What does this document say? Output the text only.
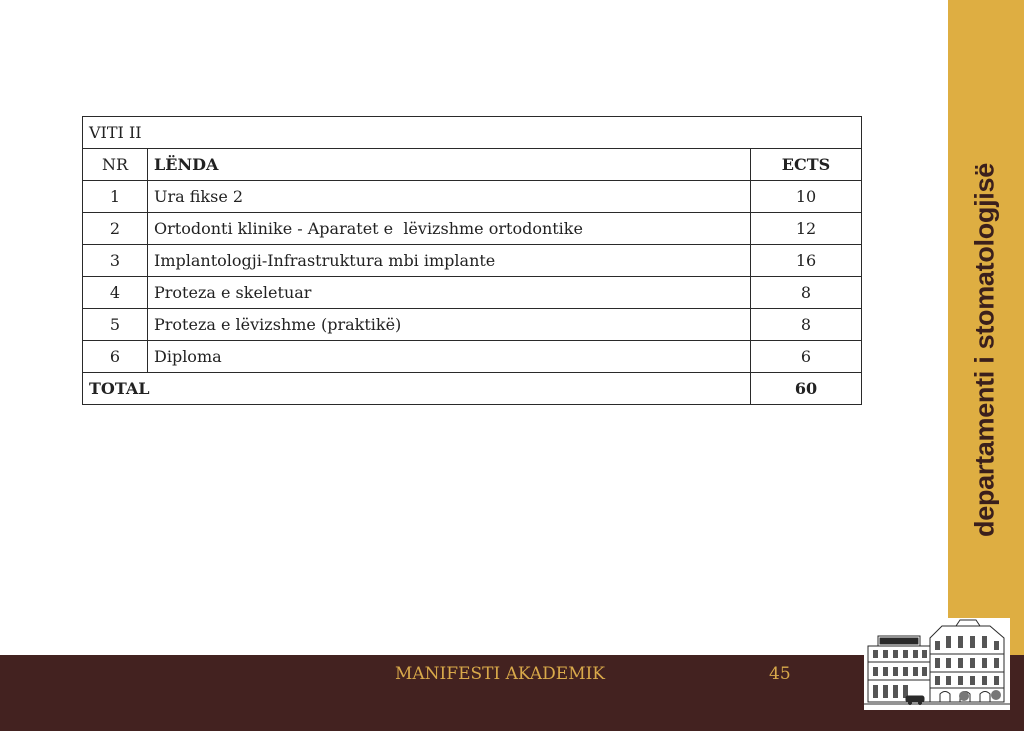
departamenti i stomatologjisë
VITI II		
NR	LËNDA	ECTS
1	Ura fikse 2	10
2	Ortodonti klinike - Aparatet e  lëvizshme ortodontike	12
3	Implantologji-Infrastruktura mbi implante	16
4	Proteza e skeletuar	8
5	Proteza e lëvizshme (praktikë)	8
6	Diploma	6
TOTAL		60
MANIFESTI AKADEMIK	45
